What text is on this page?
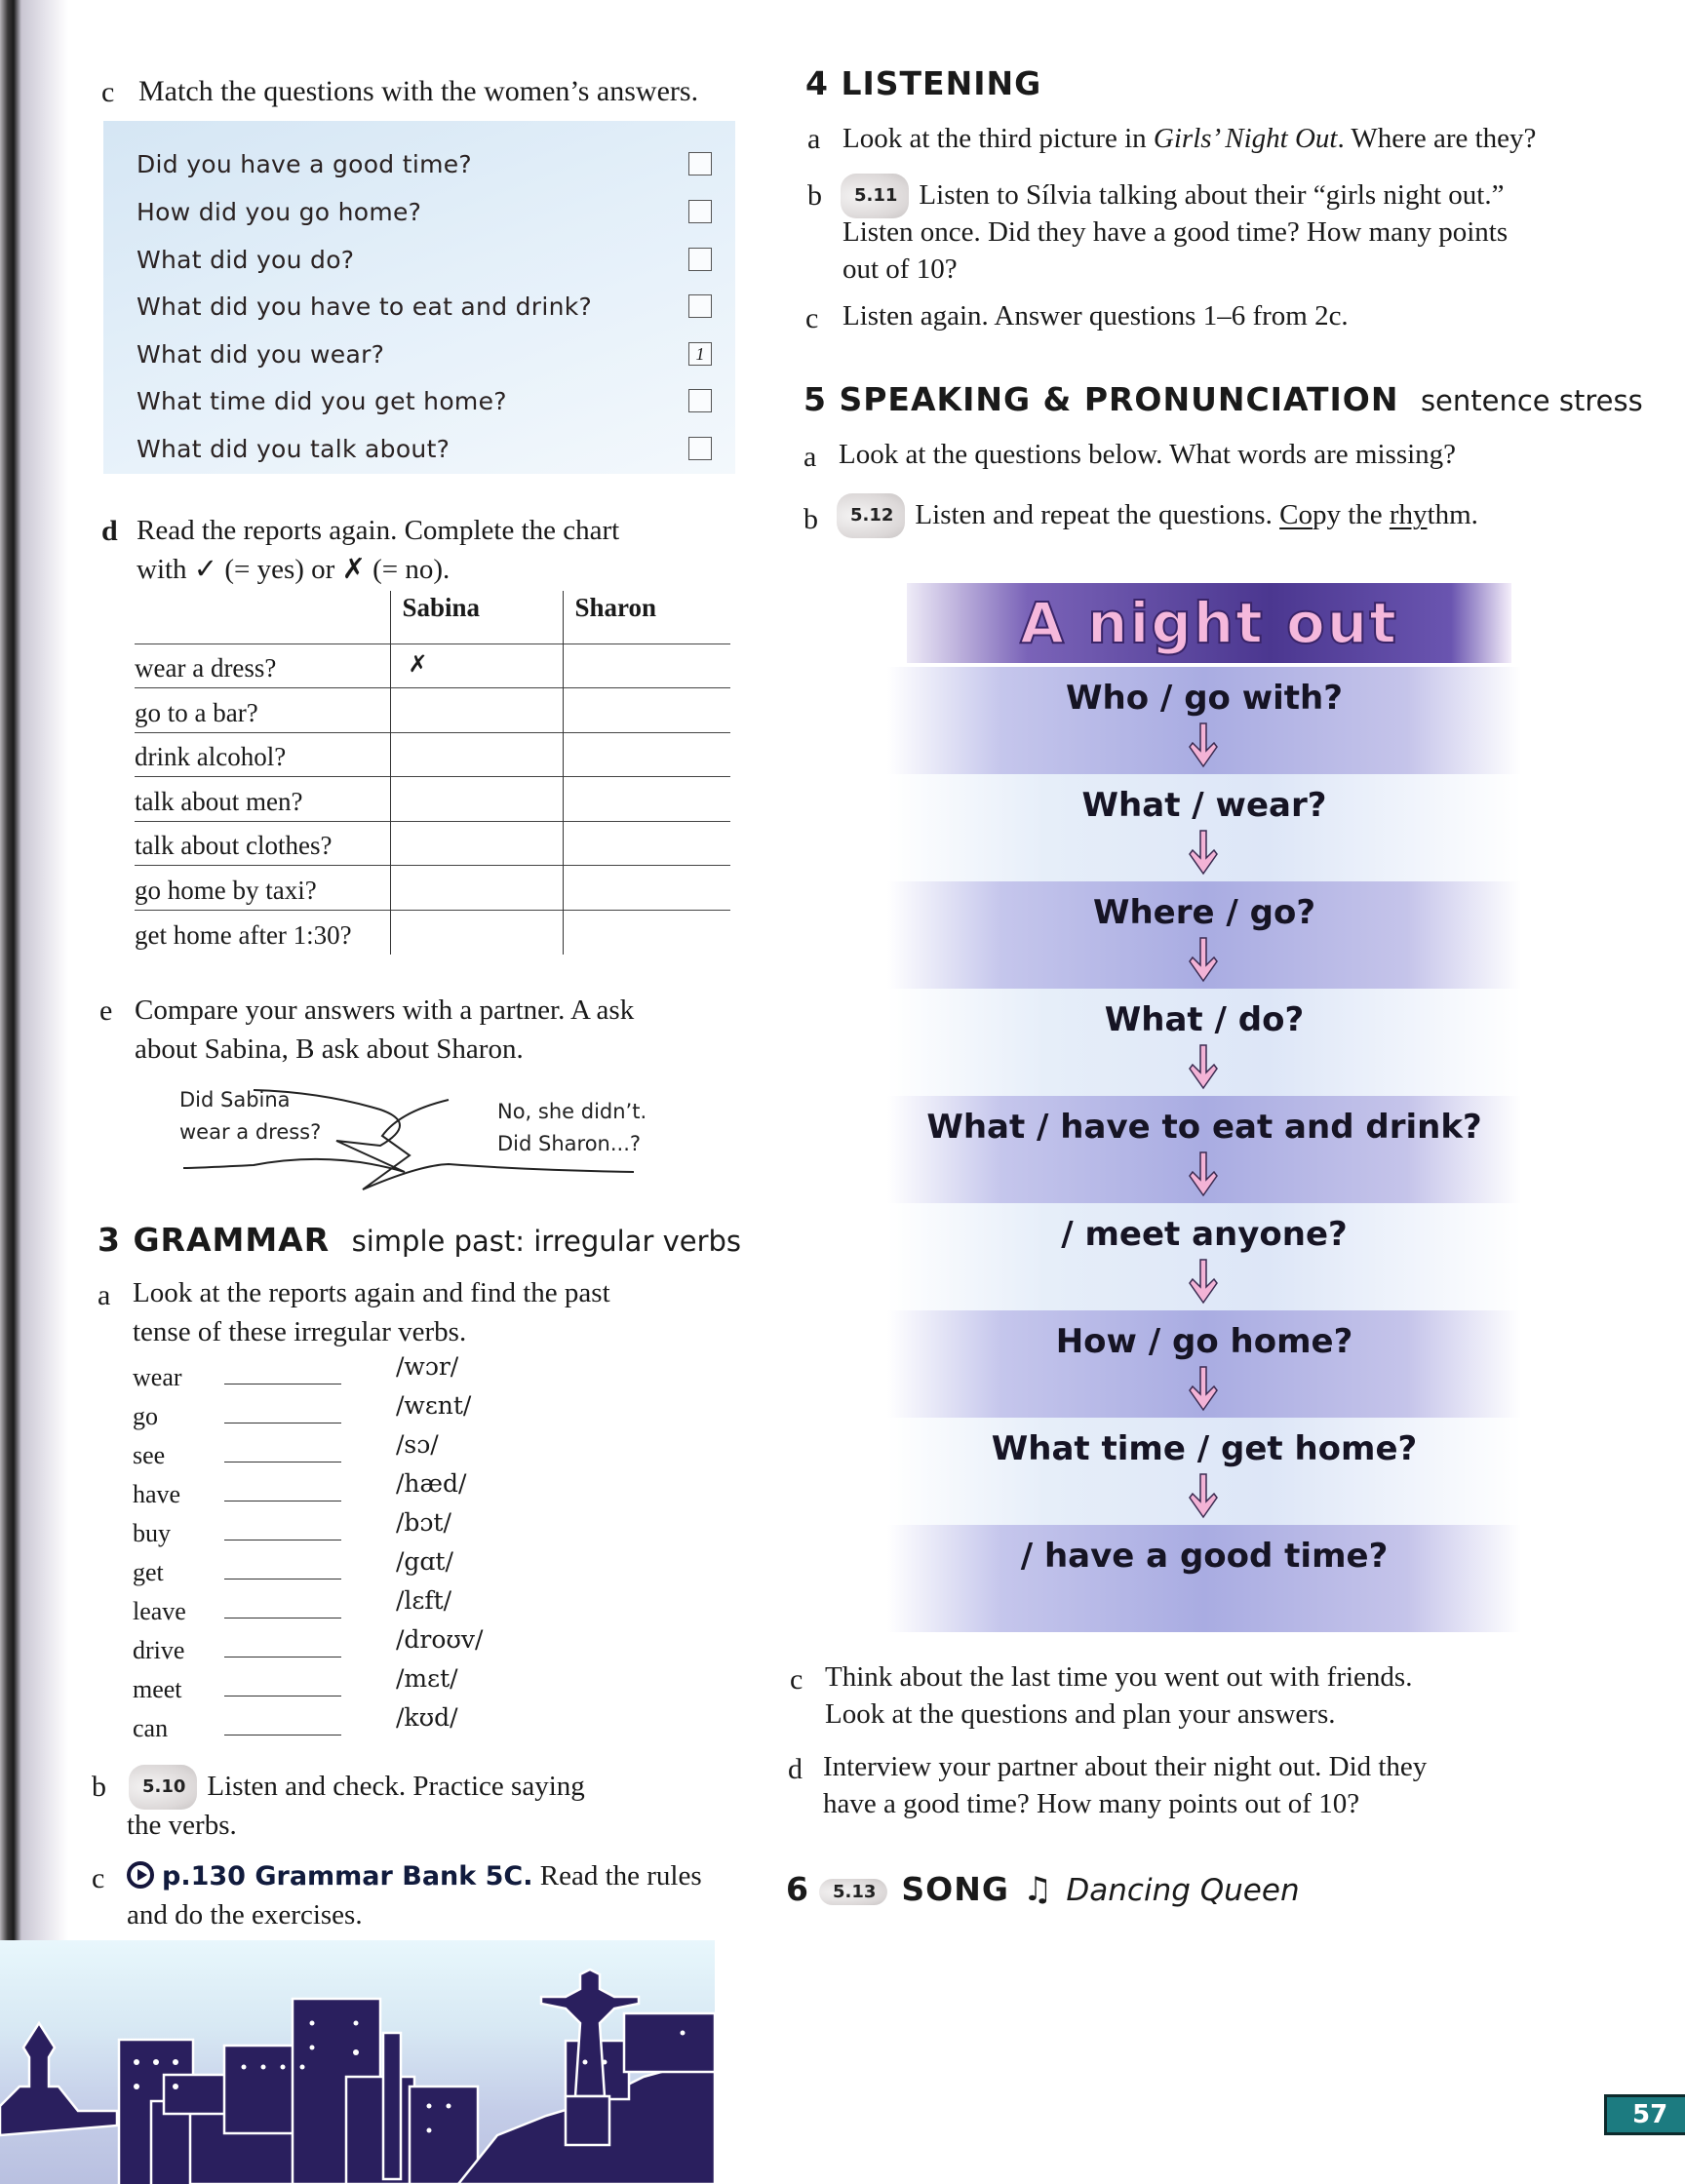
c Match the questions with the women’s answers.
Did you have a good time?
How did you go home?
What did you do?
What did you have to eat and drink?
What did you wear?	1
What time did you get home?
What did you talk about?
d Read the reports again. Complete the chart
with ✓ (= yes) or ✗ (= no).
	Sabina	Sharon
wear a dress?	✗	
go to a bar?		
drink alcohol?		
talk about men?		
talk about clothes?		
go home by taxi?		
get home after 1:30?		
e Compare your answers with a partner. A ask
about Sabina, B ask about Sharon.
Did Sabina
wear a dress?
No, she didn’t.
Did Sharon...?
3 GRAMMAR simple past: irregular verbs
a Look at the reports again and find the past
tense of these irregular verbs.
wear	/wɔr/
go	/wɛnt/
see	/sɔ/
have	/hæd/
buy	/bɔt/
get	/gɑt/
leave	/lɛft/
drive	/droʊv/
meet	/mɛt/
can	/kʊd/
b	5.10 Listen and check. Practice saying
the verbs.
c	p.130 Grammar Bank 5C. Read the rules
and do the exercises.
4 LISTENING
a Look at the third picture in Girls’ Night Out. Where are they?
b	5.11 Listen to Sílvia talking about their “girls night out.”
Listen once. Did they have a good time? How many points
out of 10?
c Listen again. Answer questions 1–6 from 2c.
5 SPEAKING & PRONUNCIATION sentence stress
a Look at the questions below. What words are missing?
b	5.12 Listen and repeat the questions. Copy the rhythm.
A night out
Who / go with?
What / wear?
Where / go?
What / do?
What / have to eat and drink?
/ meet anyone?
How / go home?
What time / get home?
/ have a good time?
c Think about the last time you went out with friends.
Look at the questions and plan your answers.
d Interview your partner about their night out. Did they
have a good time? How many points out of 10?
6 5.13 SONG ♫ Dancing Queen
57
